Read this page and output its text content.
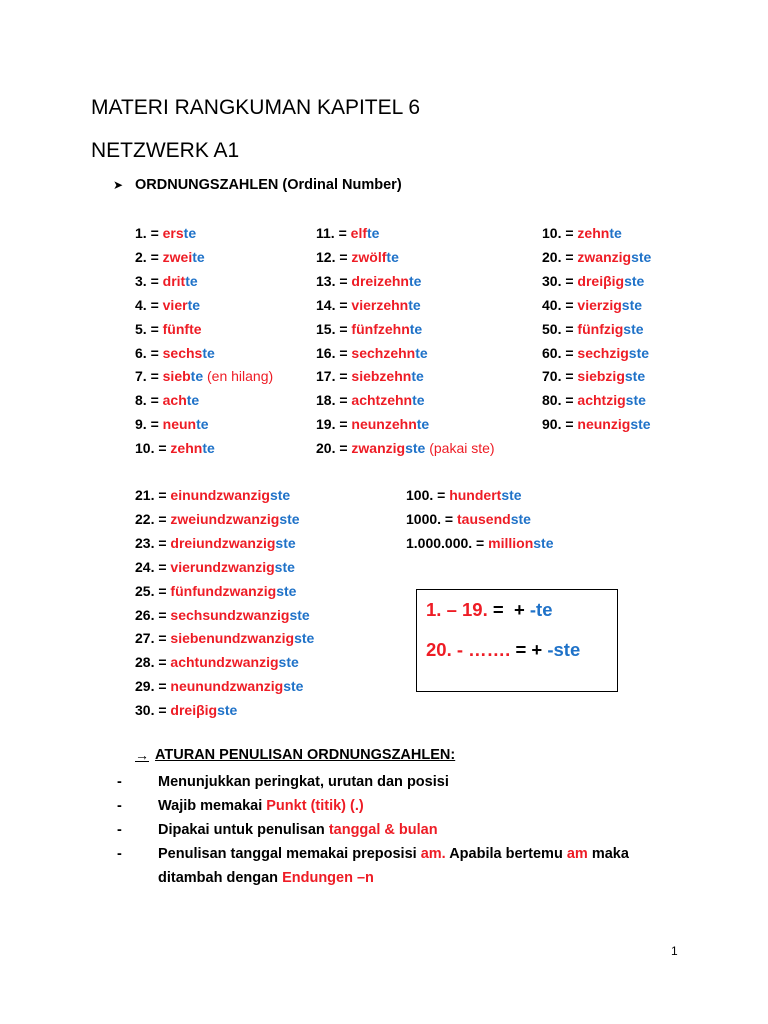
MATERI RANGKUMAN KAPITEL 6
NETZWERK A1
➤ ORDNUNGSZAHLEN (Ordinal Number)
1. = erste
2. = zweite
3. = dritte
4. = vierte
5. = fünfte
6. = sechste
7. = siebte (en hilang)
8. = achte
9. = neunte
10. = zehnte
11. = elfte
12. = zwölfte
13. = dreizehnte
14. = vierzehnte
15. = fünfzehnte
16. = sechzehnte
17. = siebzehnte
18. = achtzehnte
19. = neunzehnte
20. = zwanzigste (pakai ste)
10. = zehnte
20. = zwanzigste
30. = dreiβigste
40. = vierzigste
50. = fünfzigste
60. = sechzigste
70. = siebzigste
80. = achtzigste
90. = neunzigste
21. = einundzwanzigste
22. = zweiundzwanzigste
23. = dreiundzwanzigste
24. = vierundzwanzigste
25. = fünfundzwanzigste
26. = sechsundzwanzigste
27. = siebenundzwanzigste
28. = achtundzwanzigste
29. = neunundzwanzigste
30. = dreiβigste
100. = hundertste
1000. = tausendste
1.000.000. = millionste
1. – 19. =  + -te
20. - ……. = + -ste
→ ATURAN PENULISAN ORDNUNGSZAHLEN:
-	Menunjukkan peringkat, urutan dan posisi
-	Wajib memakai Punkt (titik) (.)
-	Dipakai untuk penulisan tanggal & bulan
-	Penulisan tanggal memakai preposisi am. Apabila bertemu am maka ditambah dengan Endungen –n
1
